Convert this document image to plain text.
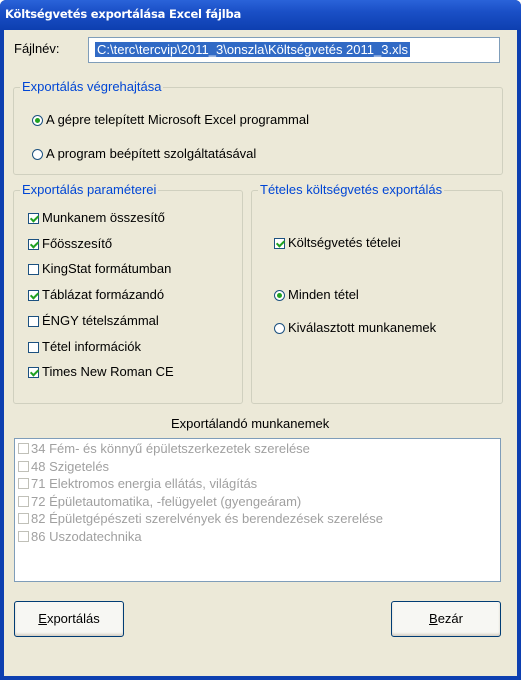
Költségvetés exportálása Excel fájlba
Fájlnév:	C:\terc\tercvip\2011_3\onszla\Költségvetés 2011_3.xls
Exportálás végrehajtása
A gépre telepített Microsoft Excel programmal
A program beépített szolgáltatásával
Exportálás paraméterei
Munkanem összesítő
Főösszesítő
KingStat formátumban
Táblázat formázandó
ÉNGY tételszámmal
Tétel információk
Times New Roman CE
Tételes költségvetés exportálás
Költségvetés tételei
Minden tétel
Kiválasztott munkanemek
Exportálandó munkanemek
34 Fém- és könnyű épületszerkezetek szerelése
48 Szigetelés
71 Elektromos energia ellátás, világítás
72 Épületautomatika, -felügyelet (gyengeáram)
82 Épületgépészeti szerelvények és berendezések szerelése
86 Uszodatechnika
Exportálás	Bezár
